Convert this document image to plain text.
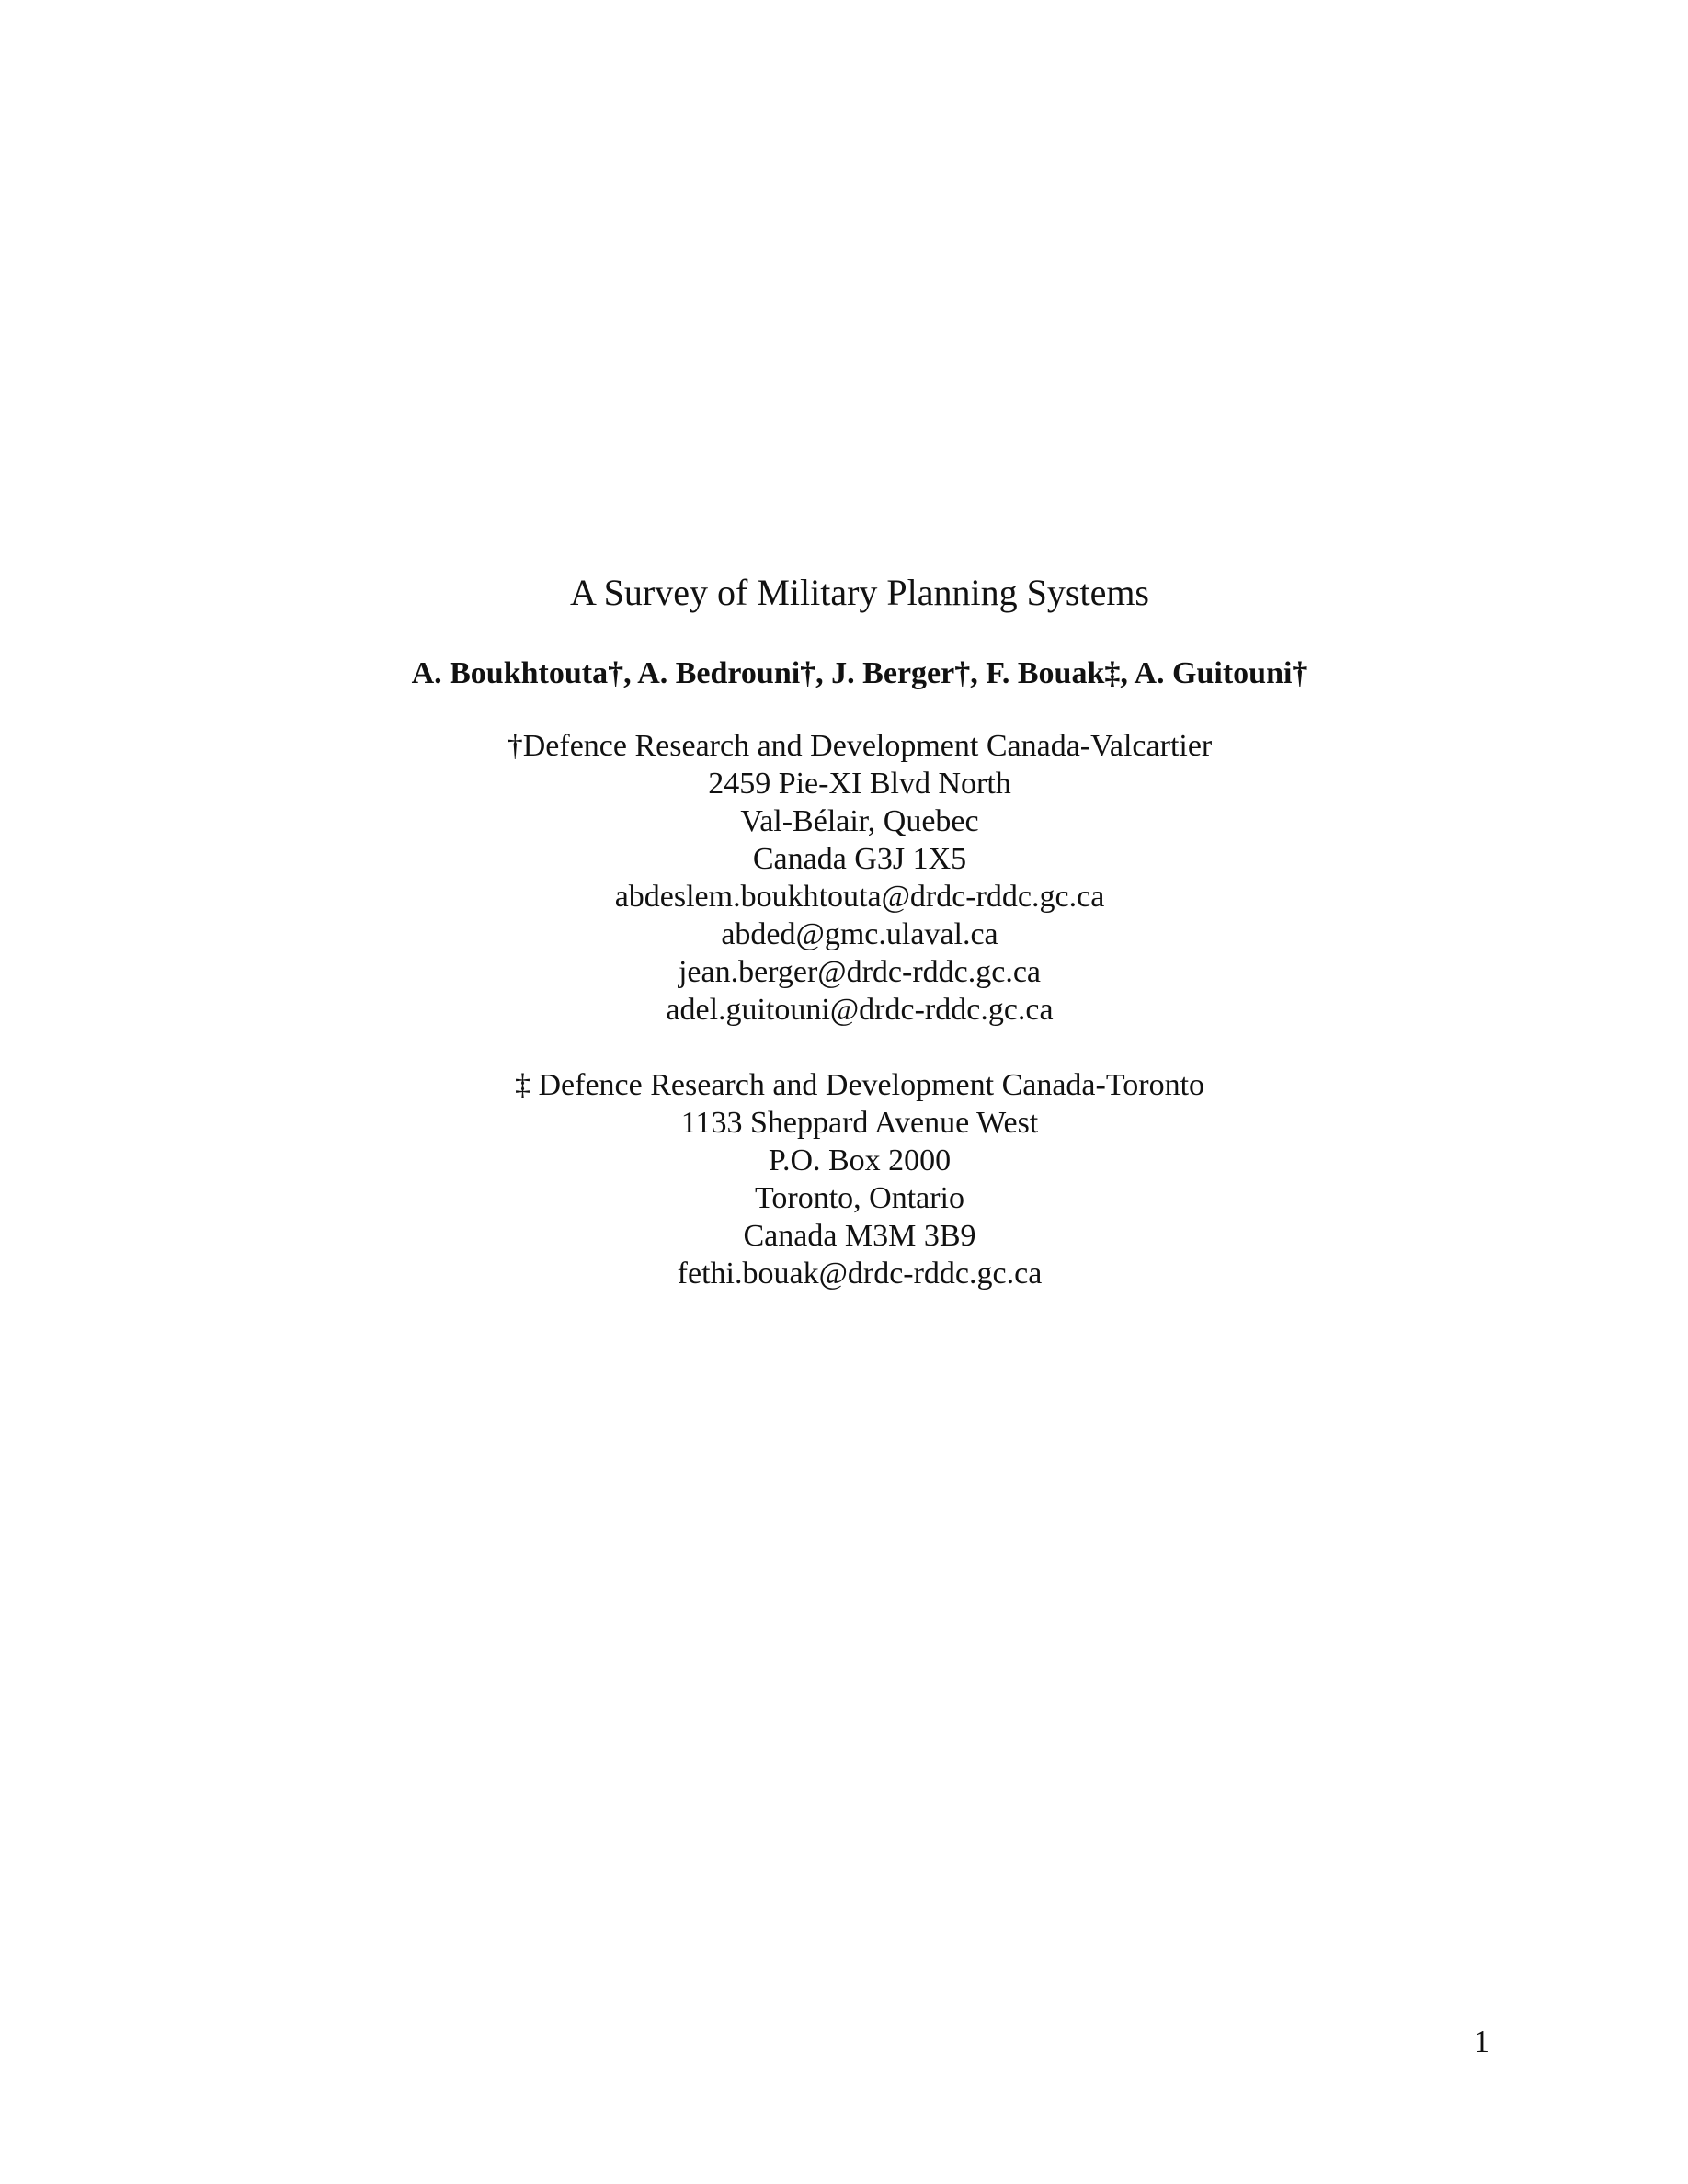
A Survey of Military Planning Systems
A. Boukhtouta†, A. Bedrouni†, J. Berger†, F. Bouak‡, A. Guitouni†
†Defence Research and Development Canada-Valcartier
2459 Pie-XI Blvd North
Val-Bélair, Quebec
Canada G3J 1X5
abdeslem.boukhtouta@drdc-rddc.gc.ca
abded@gmc.ulaval.ca
jean.berger@drdc-rddc.gc.ca
adel.guitouni@drdc-rddc.gc.ca
‡ Defence Research and Development Canada-Toronto
1133 Sheppard Avenue West
P.O. Box 2000
Toronto, Ontario
Canada M3M 3B9
fethi.bouak@drdc-rddc.gc.ca
1
